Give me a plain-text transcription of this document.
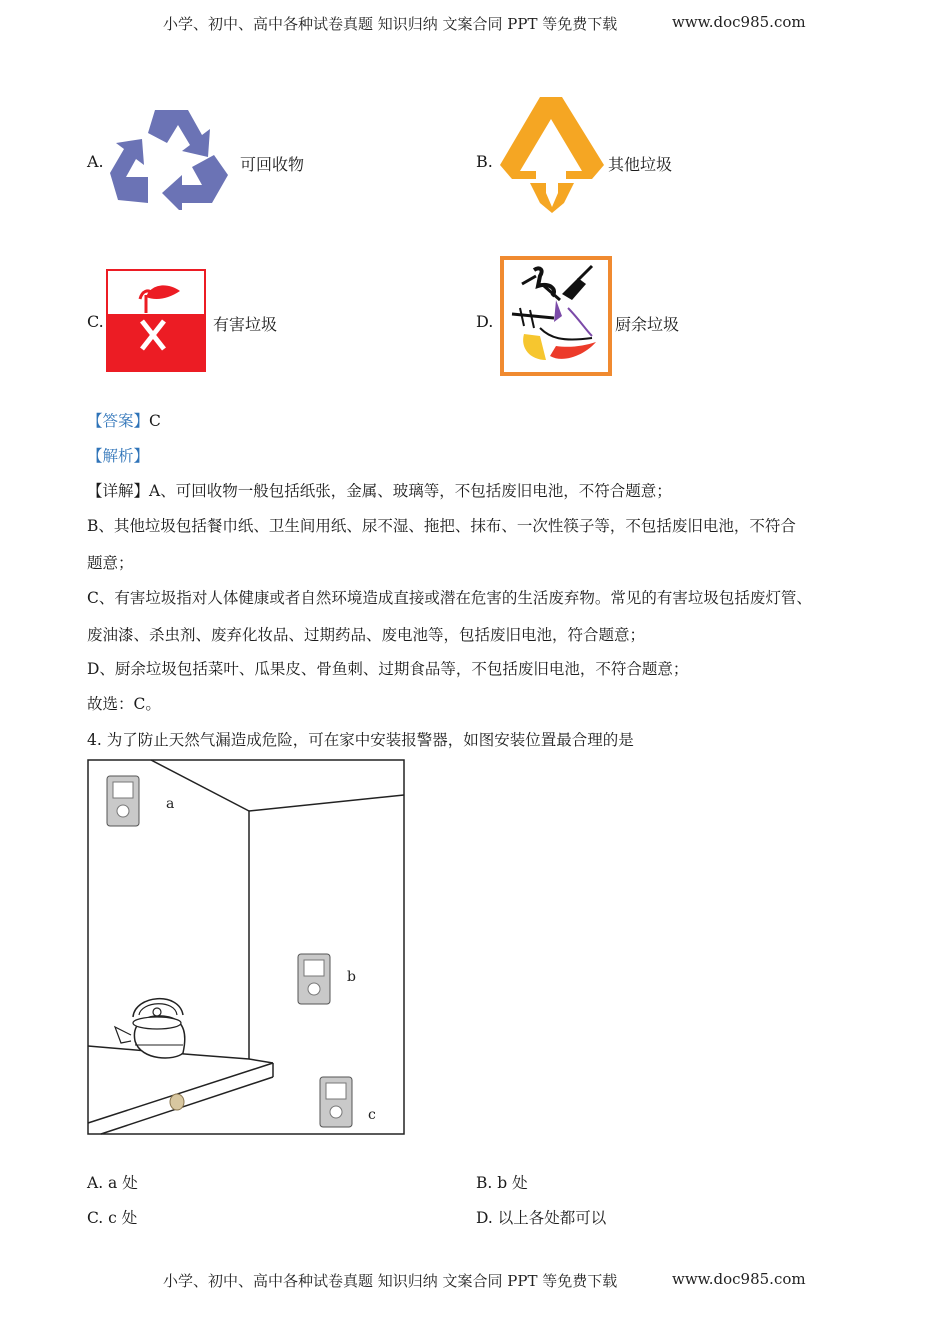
小学、初中、高中各种试卷真题 知识归纳 文案合同 PPT 等免费下载	www.doc985.com
A.	可回收物	B.	其他垃圾
C.	有害垃圾	D.	厨余垃圾
【答案】C
【解析】
【详解】A、可回收物一般包括纸张，金属、玻璃等，不包括废旧电池，不符合题意；
B、其他垃圾包括餐巾纸、卫生间用纸、尿不湿、拖把、抹布、一次性筷子等，不包括废旧电池，不符合
题意；
C、有害垃圾指对人体健康或者自然环境造成直接或潜在危害的生活废弃物。常见的有害垃圾包括废灯管、
废油漆、杀虫剂、废弃化妆品、过期药品、废电池等，包括废旧电池，符合题意；
D、厨余垃圾包括菜叶、瓜果皮、骨鱼刺、过期食品等，不包括废旧电池，不符合题意；
故选：C。
4. 为了防止天然气漏造成危险，可在家中安装报警器，如图安装位置最合理的是
a
b
c
A. a 处	B. b 处
C. c 处	D. 以上各处都可以
小学、初中、高中各种试卷真题 知识归纳 文案合同 PPT 等免费下载	www.doc985.com
